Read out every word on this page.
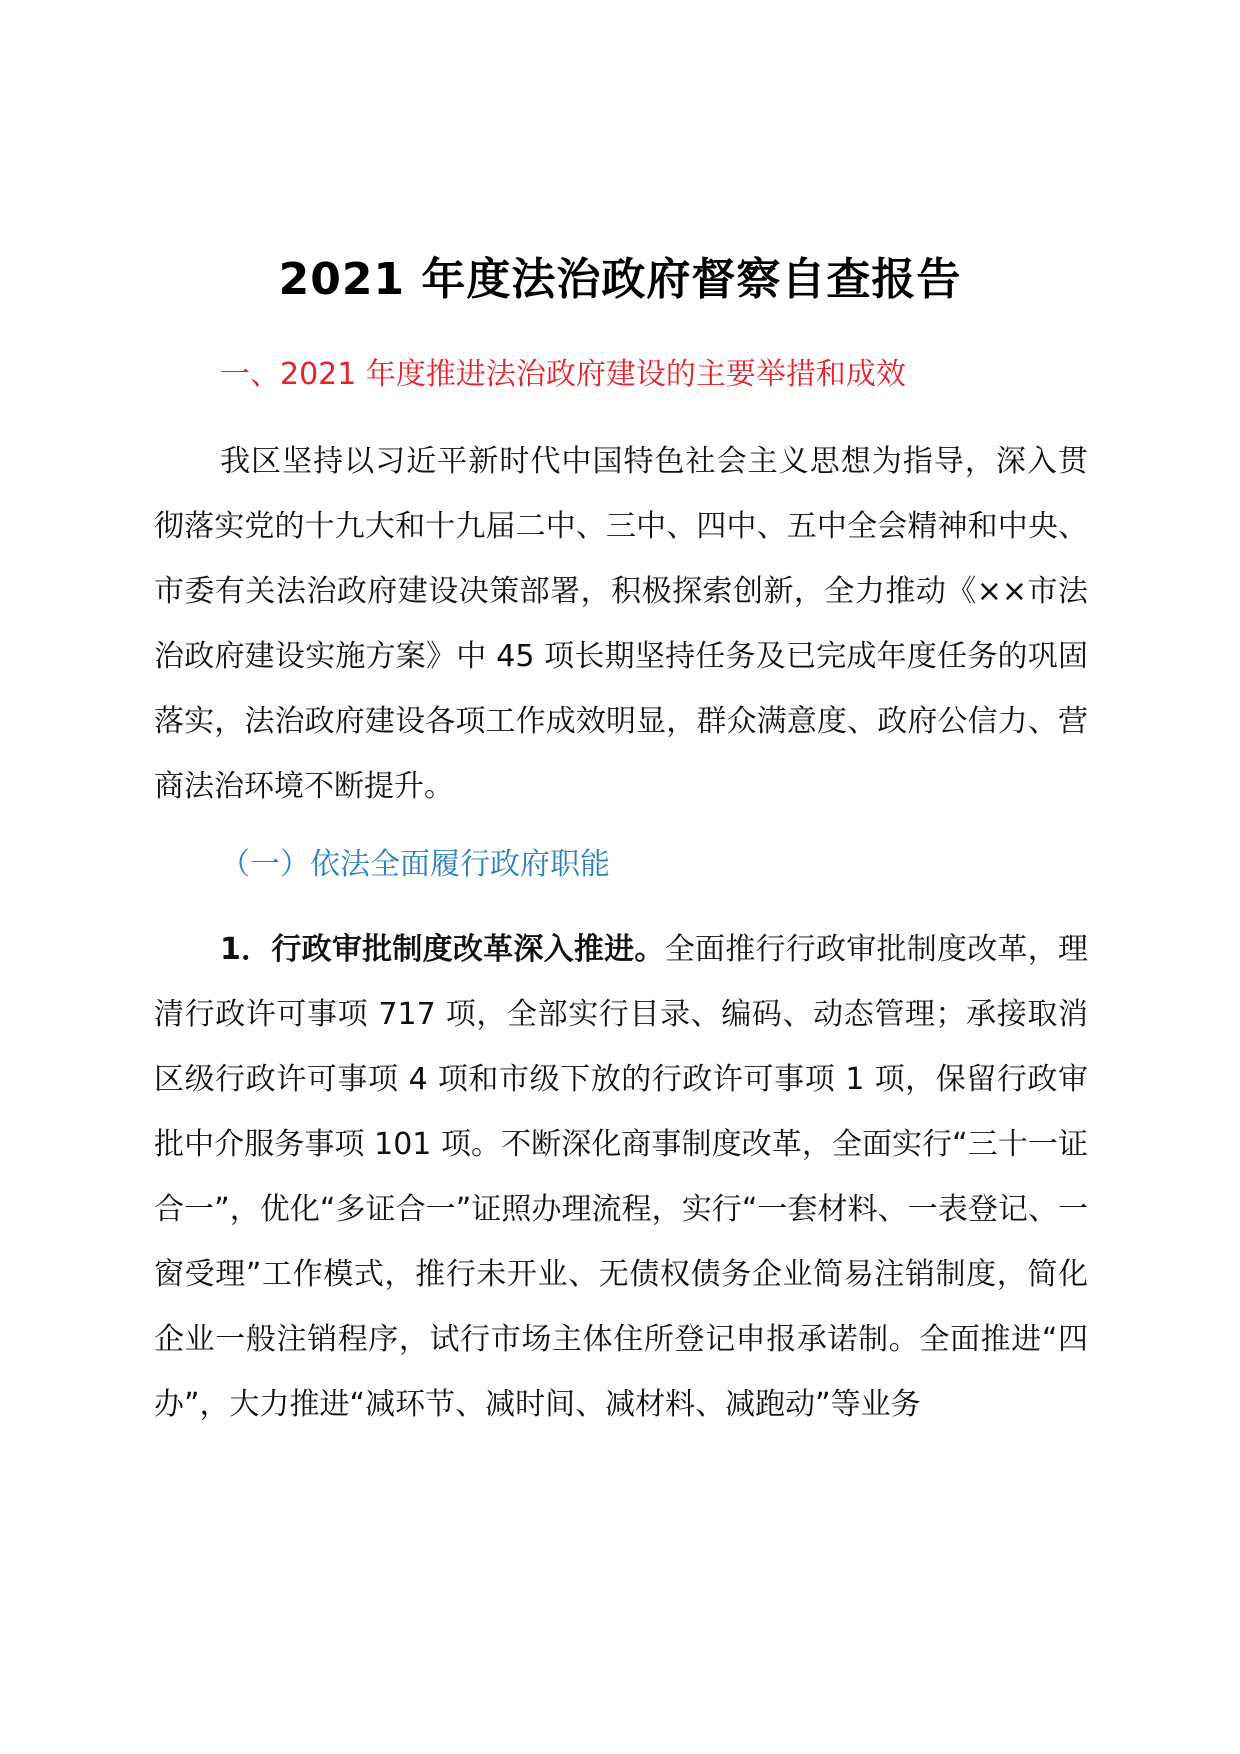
2021 年度法治政府督察自查报告
一、2021 年度推进法治政府建设的主要举措和成效
我区坚持以习近平新时代中国特色社会主义思想为指导，深入贯彻落实党的十九大和十九届二中、三中、四中、五中全会精神和中央、市委有关法治政府建设决策部署，积极探索创新，全力推动《××市法治政府建设实施方案》中 45 项长期坚持任务及已完成年度任务的巩固落实，法治政府建设各项工作成效明显，群众满意度、政府公信力、营商法治环境不断提升。
（一）依法全面履行政府职能
1．行政审批制度改革深入推进。全面推行行政审批制度改革，理清行政许可事项 717 项，全部实行目录、编码、动态管理；承接取消区级行政许可事项 4 项和市级下放的行政许可事项 1 项，保留行政审批中介服务事项 101 项。不断深化商事制度改革，全面实行“三十一证合一”，优化“多证合一”证照办理流程，实行“一套材料、一表登记、一窗受理”工作模式，推行未开业、无债权债务企业简易注销制度，简化企业一般注销程序，试行市场主体住所登记申报承诺制。全面推进“四办”，大力推进“减环节、减时间、减材料、减跑动”等业务
